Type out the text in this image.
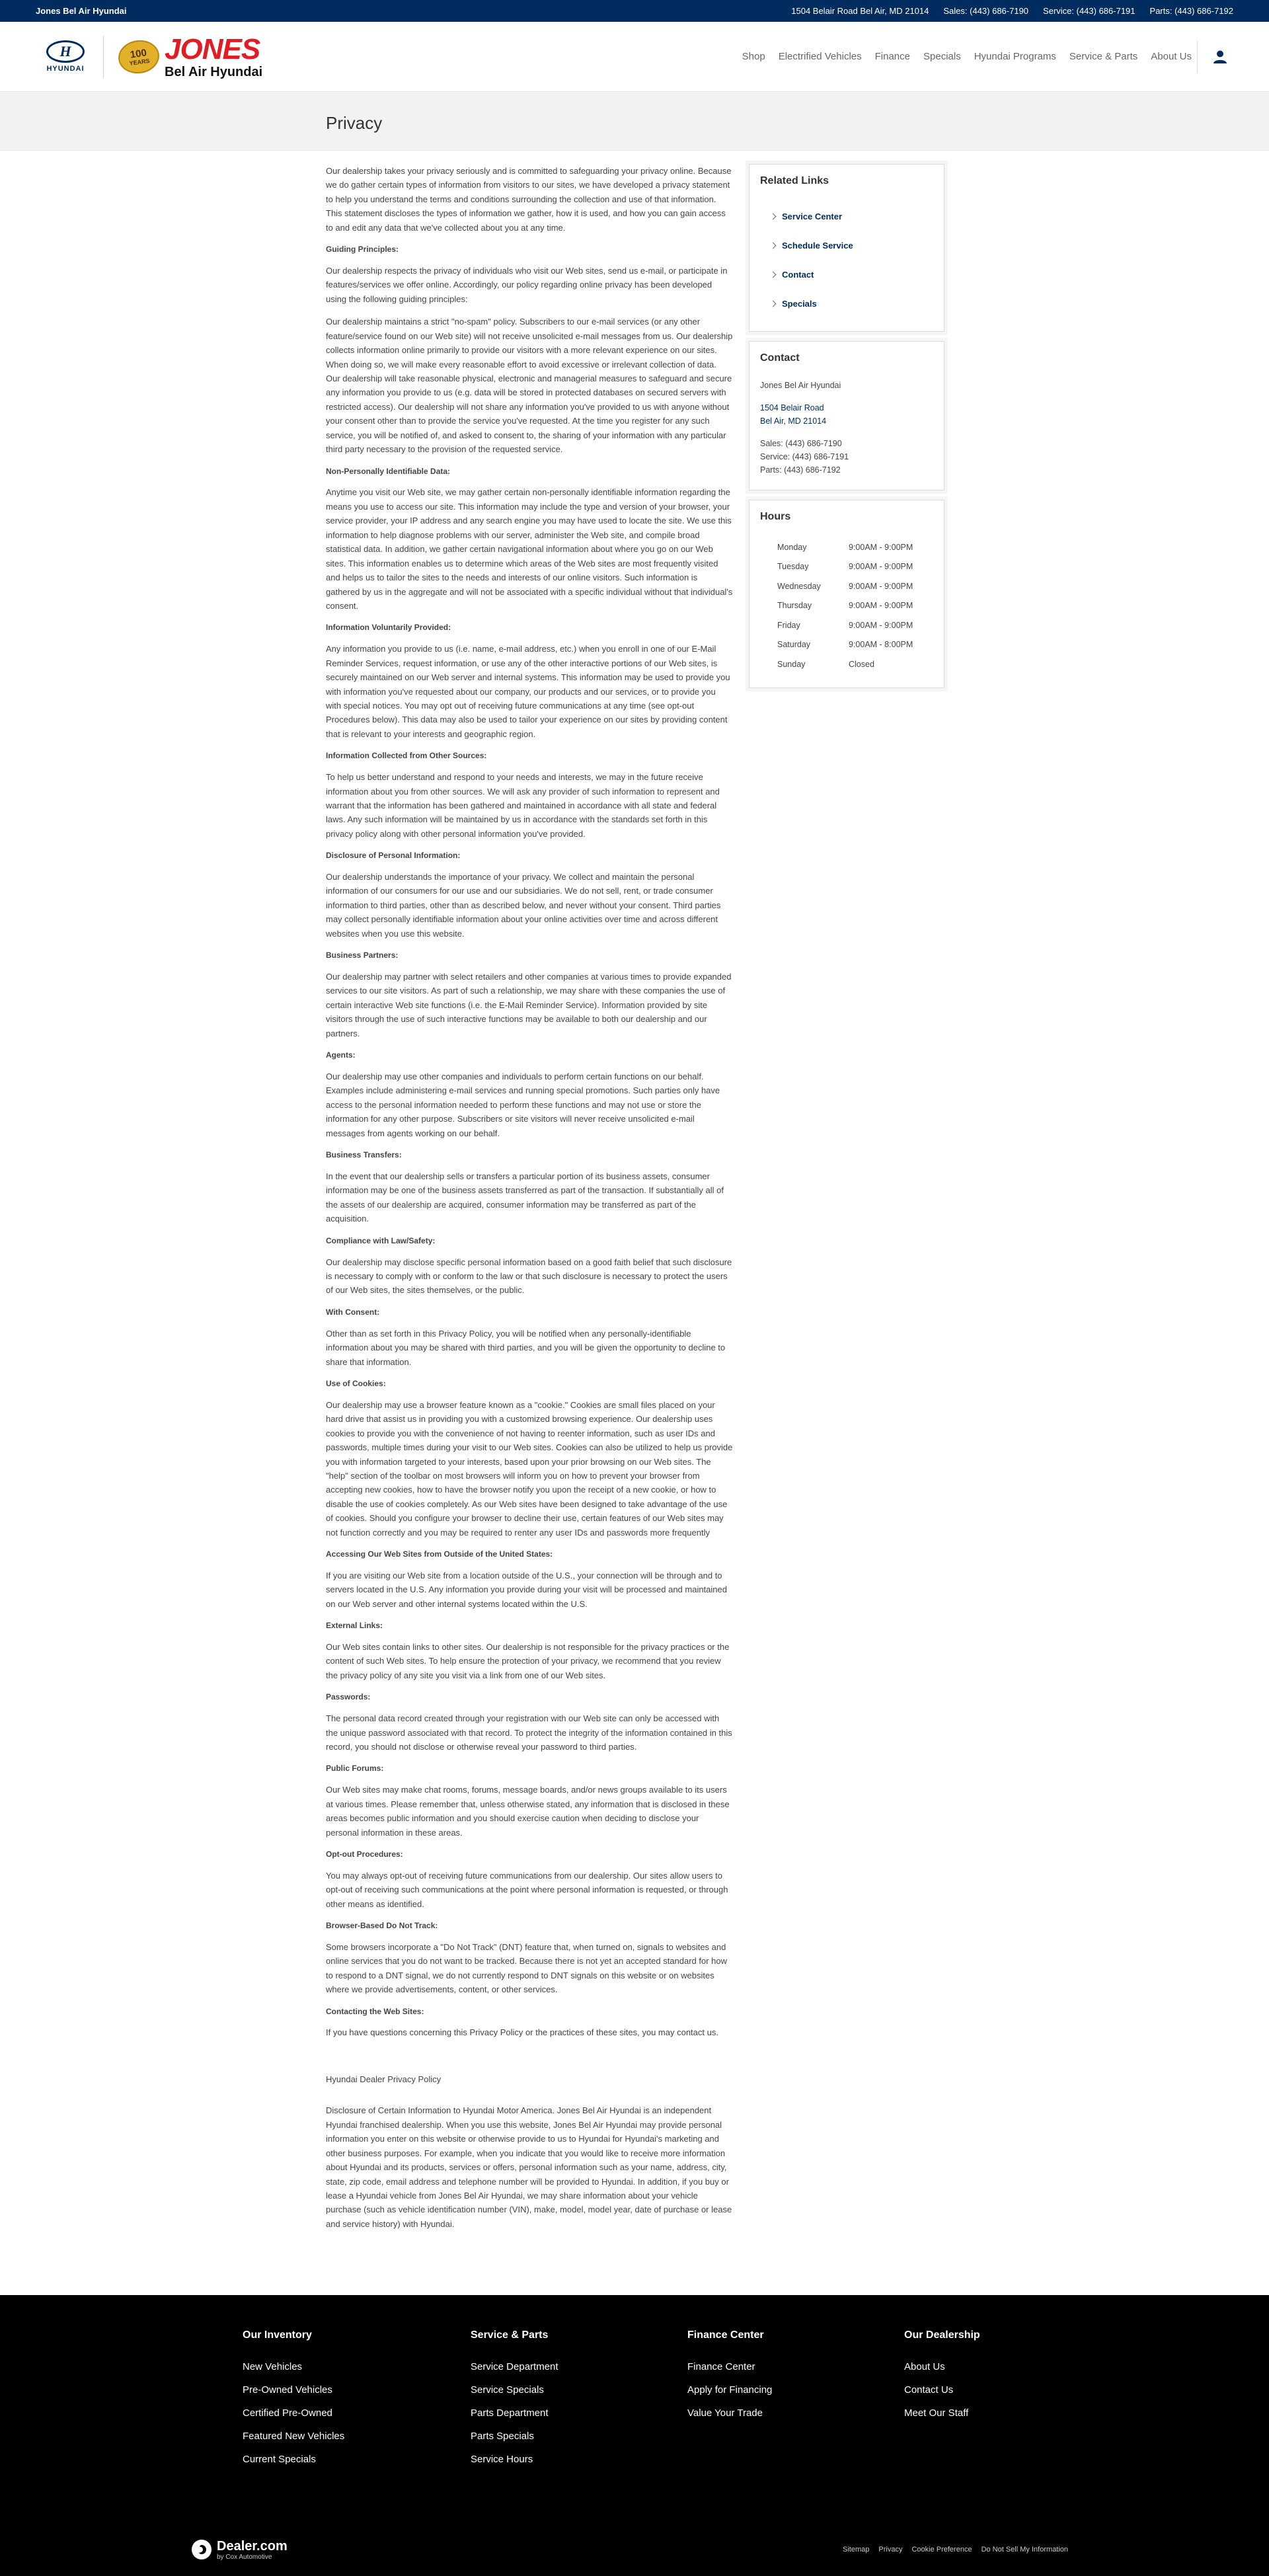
Jones Bel Air Hyundai	1504 Belair Road Bel Air, MD 21014 Sales: (443) 686-7190 Service: (443) 686-7191 Parts: (443) 686-7192
H
HYUNDAI
100
YEARS JONES
Bel Air Hyundai
Shop Electrified Vehicles Finance Specials Hyundai Programs Service & Parts About Us
Privacy

Our dealership takes your privacy seriously and is committed to safeguarding your privacy online. Because we do gather certain types of information from visitors to our sites, we have developed a privacy statement to help you understand the terms and conditions surrounding the collection and use of that information. This statement discloses the types of information we gather, how it is used, and how you can gain access to and edit any data that we've collected about you at any time.

Guiding Principles:

Our dealership respects the privacy of individuals who visit our Web sites, send us e-mail, or participate in features/services we offer online. Accordingly, our policy regarding online privacy has been developed using the following guiding principles:

Our dealership maintains a strict "no-spam" policy. Subscribers to our e-mail services (or any other feature/service found on our Web site) will not receive unsolicited e-mail messages from us. Our dealership collects information online primarily to provide our visitors with a more relevant experience on our sites. When doing so, we will make every reasonable effort to avoid excessive or irrelevant collection of data. Our dealership will take reasonable physical, electronic and managerial measures to safeguard and secure any information you provide to us (e.g. data will be stored in protected databases on secured servers with restricted access). Our dealership will not share any information you've provided to us with anyone without your consent other than to provide the service you've requested. At the time you register for any such service, you will be notified of, and asked to consent to, the sharing of your information with any particular third party necessary to the provision of the requested service.

Non-Personally Identifiable Data:

Anytime you visit our Web site, we may gather certain non-personally identifiable information regarding the means you use to access our site. This information may include the type and version of your browser, your service provider, your IP address and any search engine you may have used to locate the site. We use this information to help diagnose problems with our server, administer the Web site, and compile broad statistical data. In addition, we gather certain navigational information about where you go on our Web sites. This information enables us to determine which areas of the Web sites are most frequently visited and helps us to tailor the sites to the needs and interests of our online visitors. Such information is gathered by us in the aggregate and will not be associated with a specific individual without that individual's consent.

Information Voluntarily Provided:

Any information you provide to us (i.e. name, e-mail address, etc.) when you enroll in one of our E-Mail Reminder Services, request information, or use any of the other interactive portions of our Web sites, is securely maintained on our Web server and internal systems. This information may be used to provide you with information you've requested about our company, our products and our services, or to provide you with special notices. You may opt out of receiving future communications at any time (see opt-out Procedures below). This data may also be used to tailor your experience on our sites by providing content that is relevant to your interests and geographic region.

Information Collected from Other Sources:

To help us better understand and respond to your needs and interests, we may in the future receive information about you from other sources. We will ask any provider of such information to represent and warrant that the information has been gathered and maintained in accordance with all state and federal laws. Any such information will be maintained by us in accordance with the standards set forth in this privacy policy along with other personal information you've provided.

Disclosure of Personal Information:

Our dealership understands the importance of your privacy. We collect and maintain the personal information of our consumers for our use and our subsidiaries. We do not sell, rent, or trade consumer information to third parties, other than as described below, and never without your consent. Third parties may collect personally identifiable information about your online activities over time and across different websites when you use this website.

Business Partners:

Our dealership may partner with select retailers and other companies at various times to provide expanded services to our site visitors. As part of such a relationship, we may share with these companies the use of certain interactive Web site functions (i.e. the E-Mail Reminder Service). Information provided by site visitors through the use of such interactive functions may be available to both our dealership and our partners.

Agents:

Our dealership may use other companies and individuals to perform certain functions on our behalf. Examples include administering e-mail services and running special promotions. Such parties only have access to the personal information needed to perform these functions and may not use or store the information for any other purpose. Subscribers or site visitors will never receive unsolicited e-mail messages from agents working on our behalf.

Business Transfers:

In the event that our dealership sells or transfers a particular portion of its business assets, consumer information may be one of the business assets transferred as part of the transaction. If substantially all of the assets of our dealership are acquired, consumer information may be transferred as part of the acquisition.

Compliance with Law/Safety:

Our dealership may disclose specific personal information based on a good faith belief that such disclosure is necessary to comply with or conform to the law or that such disclosure is necessary to protect the users of our Web sites, the sites themselves, or the public.

With Consent:

Other than as set forth in this Privacy Policy, you will be notified when any personally-identifiable information about you may be shared with third parties, and you will be given the opportunity to decline to share that information.

Use of Cookies:

Our dealership may use a browser feature known as a "cookie." Cookies are small files placed on your hard drive that assist us in providing you with a customized browsing experience. Our dealership uses cookies to provide you with the convenience of not having to reenter information, such as user IDs and passwords, multiple times during your visit to our Web sites. Cookies can also be utilized to help us provide you with information targeted to your interests, based upon your prior browsing on our Web sites. The "help" section of the toolbar on most browsers will inform you on how to prevent your browser from accepting new cookies, how to have the browser notify you upon the receipt of a new cookie, or how to disable the use of cookies completely. As our Web sites have been designed to take advantage of the use of cookies. Should you configure your browser to decline their use, certain features of our Web sites may not function correctly and you may be required to renter any user IDs and passwords more frequently

Accessing Our Web Sites from Outside of the United States:

If you are visiting our Web site from a location outside of the U.S., your connection will be through and to servers located in the U.S. Any information you provide during your visit will be processed and maintained on our Web server and other internal systems located within the U.S.

External Links:

Our Web sites contain links to other sites. Our dealership is not responsible for the privacy practices or the content of such Web sites. To help ensure the protection of your privacy, we recommend that you review the privacy policy of any site you visit via a link from one of our Web sites.

Passwords:

The personal data record created through your registration with our Web site can only be accessed with the unique password associated with that record. To protect the integrity of the information contained in this record, you should not disclose or otherwise reveal your password to third parties.

Public Forums:

Our Web sites may make chat rooms, forums, message boards, and/or news groups available to its users at various times. Please remember that, unless otherwise stated, any information that is disclosed in these areas becomes public information and you should exercise caution when deciding to disclose your personal information in these areas.

Opt-out Procedures:

You may always opt-out of receiving future communications from our dealership. Our sites allow users to opt-out of receiving such communications at the point where personal information is requested, or through other means as identified.

Browser-Based Do Not Track:

Some browsers incorporate a "Do Not Track" (DNT) feature that, when turned on, signals to websites and online services that you do not want to be tracked. Because there is not yet an accepted standard for how to respond to a DNT signal, we do not currently respond to DNT signals on this website or on websites where we provide advertisements, content, or other services.

Contacting the Web Sites:

If you have questions concerning this Privacy Policy or the practices of these sites, you may contact us.

Hyundai Dealer Privacy Policy

Disclosure of Certain Information to Hyundai Motor America. Jones Bel Air Hyundai is an independent Hyundai franchised dealership. When you use this website, Jones Bel Air Hyundai may provide personal information you enter on this website or otherwise provide to us to Hyundai for Hyundai's marketing and other business purposes. For example, when you indicate that you would like to receive more information about Hyundai and its products, services or offers, personal information such as your name, address, city, state, zip code, email address and telephone number will be provided to Hyundai. In addition, if you buy or lease a Hyundai vehicle from Jones Bel Air Hyundai, we may share information about your vehicle purchase (such as vehicle identification number (VIN), make, model, model year, date of purchase or lease and service history) with Hyundai.

Related Links
Service Center
Schedule Service
Contact
Specials
Contact
Jones Bel Air Hyundai
1504 Belair Road
Bel Air, MD 21014
Sales: (443) 686-7190
Service: (443) 686-7191
Parts: (443) 686-7192
Hours
Monday	9:00AM - 9:00PM
Tuesday	9:00AM - 9:00PM
Wednesday	9:00AM - 9:00PM
Thursday	9:00AM - 9:00PM
Friday	9:00AM - 9:00PM
Saturday	9:00AM - 8:00PM
Sunday	Closed
Our Inventory
New Vehicles
Pre-Owned Vehicles
Certified Pre-Owned
Featured New Vehicles
Current Specials
Service & Parts
Service Department
Service Specials
Parts Department
Parts Specials
Service Hours
Finance Center
Finance Center
Apply for Financing
Value Your Trade
Our Dealership
About Us
Contact Us
Meet Our Staff
Dealer.com
by Cox Automotive
Sitemap Privacy Cookie Preference Do Not Sell My Information
